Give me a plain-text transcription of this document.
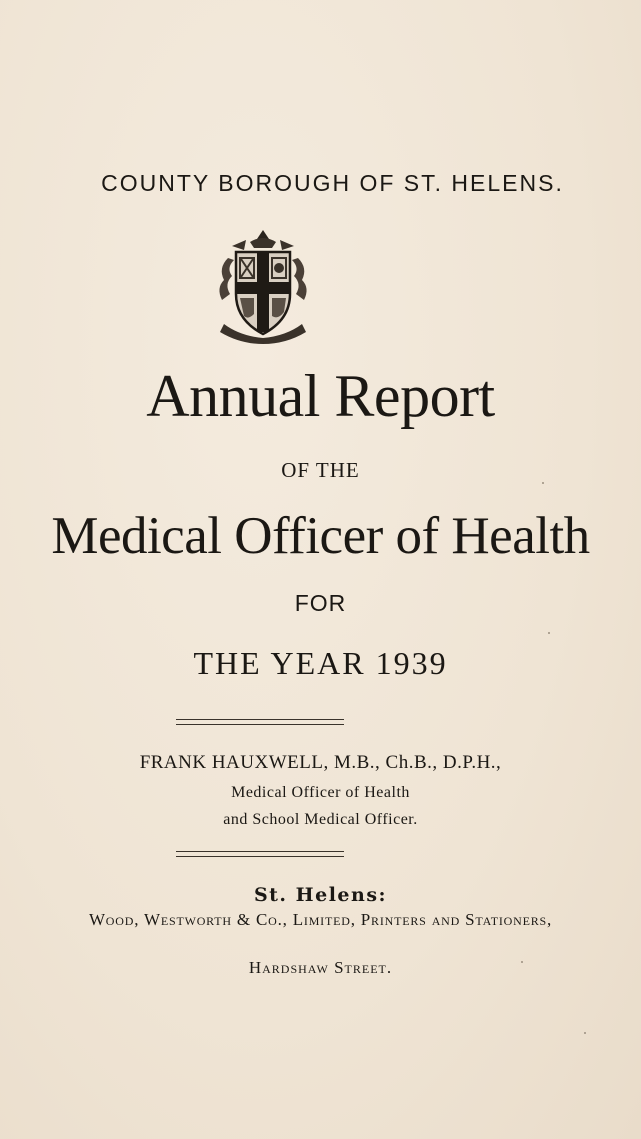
COUNTY BOROUGH OF ST. HELENS.
Annual Report
OF THE
Medical Officer of Health
FOR
THE YEAR 1939
FRANK HAUXWELL, M.B., Ch.B., D.P.H.,
Medical Officer of Health
and School Medical Officer.
St. Helens:
Wood, Westworth & Co., Limited, Printers and Stationers,
Hardshaw Street.
